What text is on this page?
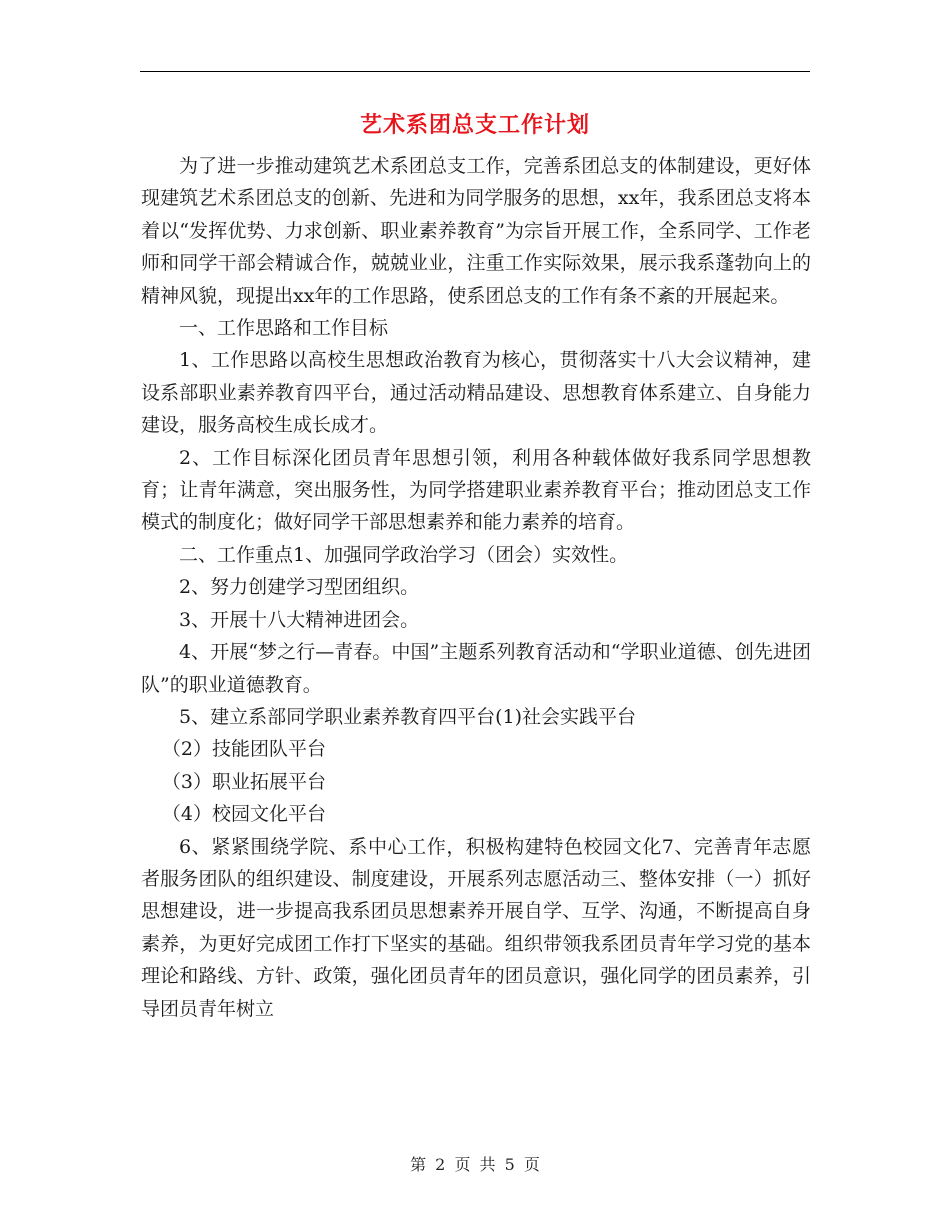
艺术系团总支工作计划

为了进一步推动建筑艺术系团总支工作，完善系团总支的体制建设，更好体现建筑艺术系团总支的创新、先进和为同学服务的思想，xx年，我系团总支将本着以“发挥优势、力求创新、职业素养教育”为宗旨开展工作，全系同学、工作老师和同学干部会精诚合作，兢兢业业，注重工作实际效果，展示我系蓬勃向上的精神风貌，现提出xx年的工作思路，使系团总支的工作有条不紊的开展起来。

一、工作思路和工作目标

1、工作思路以高校生思想政治教育为核心，贯彻落实十八大会议精神，建设系部职业素养教育四平台，通过活动精品建设、思想教育体系建立、自身能力建设，服务高校生成长成才。

2、工作目标深化团员青年思想引领，利用各种载体做好我系同学思想教育；让青年满意，突出服务性，为同学搭建职业素养教育平台；推动团总支工作模式的制度化；做好同学干部思想素养和能力素养的培育。

二、工作重点1、加强同学政治学习（团会）实效性。

2、努力创建学习型团组织。

3、开展十八大精神进团会。

4、开展“梦之行—青春。中国”主题系列教育活动和“学职业道德、创先进团队”的职业道德教育。

5、建立系部同学职业素养教育四平台(1)社会实践平台

（2）技能团队平台

（3）职业拓展平台

（4）校园文化平台

6、紧紧围绕学院、系中心工作，积极构建特色校园文化7、完善青年志愿者服务团队的组织建设、制度建设，开展系列志愿活动三、整体安排（一）抓好思想建设，进一步提高我系团员思想素养开展自学、互学、沟通，不断提高自身素养，为更好完成团工作打下坚实的基础。组织带领我系团员青年学习党的基本理论和路线、方针、政策，强化团员青年的团员意识，强化同学的团员素养，引导团员青年树立

第 2 页 共 5 页
